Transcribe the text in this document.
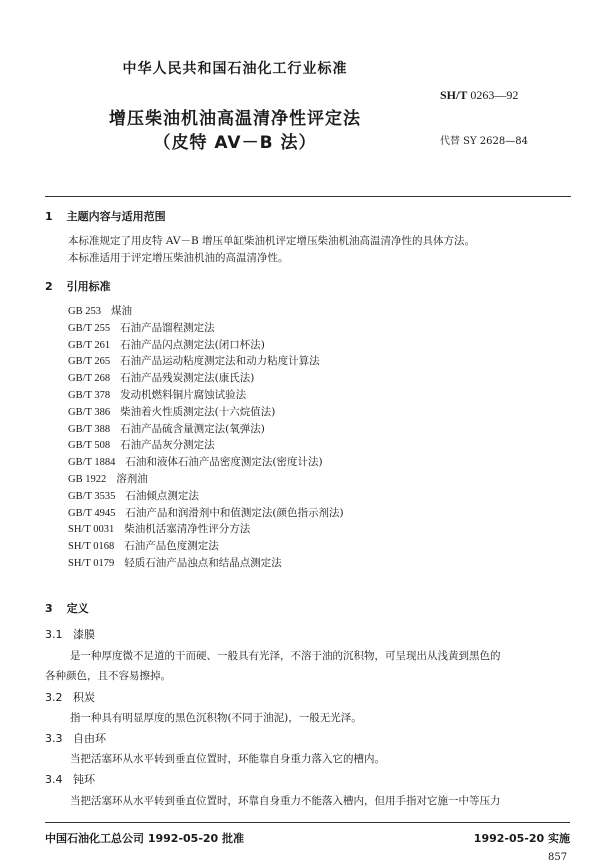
中华人民共和国石油化工行业标准
SH/T 0263—92
增压柴油机油高温清净性评定法
（皮特 AV－B 法）	代替 SY 2628—84
1 主题内容与适用范围
本标准规定了用皮特 AV－B 增压单缸柴油机评定增压柴油机油高温清净性的具体方法。
本标准适用于评定增压柴油机油的高温清净性。
2 引用标准
GB 253 煤油
GB/T 255 石油产品馏程测定法
GB/T 261 石油产品闪点测定法(闭口杯法)
GB/T 265 石油产品运动粘度测定法和动力粘度计算法
GB/T 268 石油产品残炭测定法(康氏法)
GB/T 378 发动机燃料铜片腐蚀试验法
GB/T 386 柴油着火性质测定法(十六烷值法)
GB/T 388 石油产品硫含量测定法(氧弹法)
GB/T 508 石油产品灰分测定法
GB/T 1884 石油和液体石油产品密度测定法(密度计法)
GB 1922 溶剂油
GB/T 3535 石油倾点测定法
GB/T 4945 石油产品和润滑剂中和值测定法(颜色指示剂法)
SH/T 0031 柴油机活塞清净性评分方法
SH/T 0168 石油产品色度测定法
SH/T 0179 轻质石油产品浊点和结晶点测定法
3 定义
3.1 漆膜
是一种厚度微不足道的干而硬、一般具有光泽，不溶于油的沉积物，可呈现出从浅黄到黑色的
各种颜色，且不容易擦掉。
3.2 积炭
指一种具有明显厚度的黑色沉积物(不同于油泥)，一般无光泽。
3.3 自由环
当把活塞环从水平转到垂直位置时，环能靠自身重力落入它的槽内。
3.4 钝环
当把活塞环从水平转到垂直位置时，环靠自身重力不能落入槽内，但用手指对它施一中等压力
中国石油化工总公司 1992-05-20 批准	1992-05-20 实施
857
